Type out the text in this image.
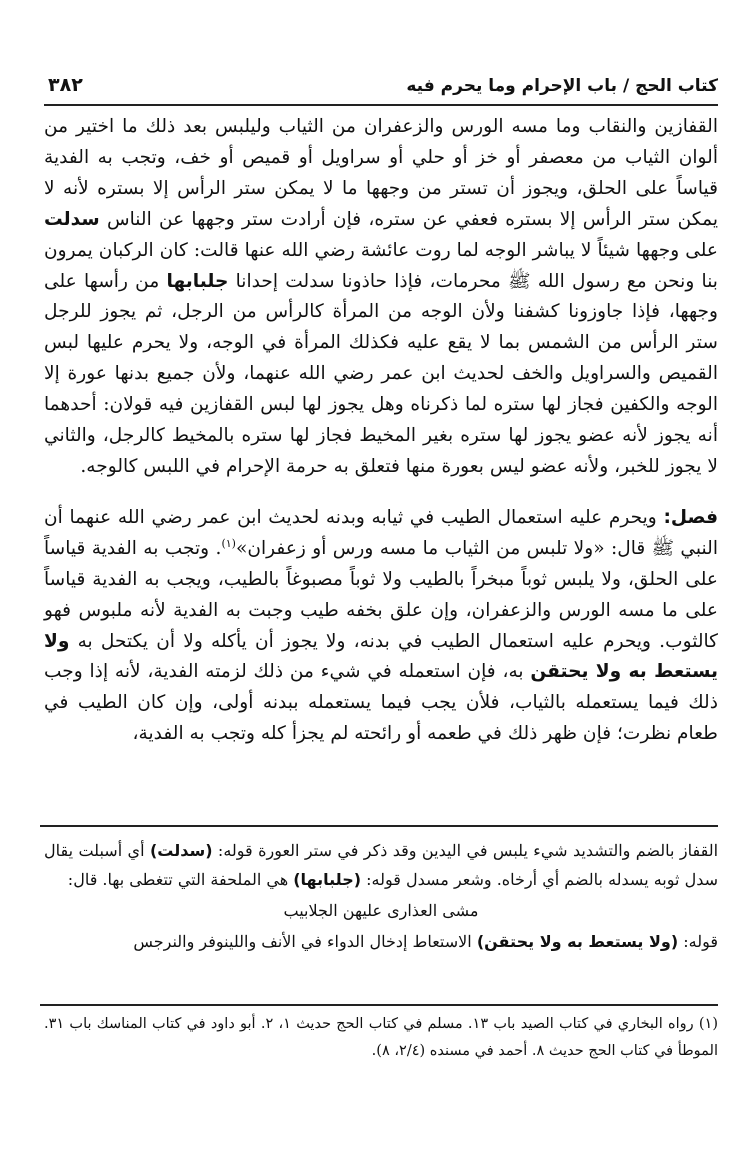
كتاب الحج / باب الإحرام وما يحرم فيه
٣٨٢

القفازين والنقاب وما مسه الورس والزعفران من الثياب وليلبس بعد ذلك ما اختير من ألوان الثياب من معصفر أو خز أو حلي أو سراويل أو قميص أو خف، وتجب به الفدية قياساً على الحلق، ويجوز أن تستر من وجهها ما لا يمكن ستر الرأس إلا بستره لأنه لا يمكن ستر الرأس إلا بستره فعفي عن ستره، فإن أرادت ستر وجهها عن الناس سدلت على وجهها شيئاً لا يباشر الوجه لما روت عائشة رضي الله عنها قالت: كان الركبان يمرون بنا ونحن مع رسول الله ﷺ محرمات، فإذا حاذونا سدلت إحدانا جلبابها من رأسها على وجهها، فإذا جاوزونا كشفنا ولأن الوجه من المرأة كالرأس من الرجل، ثم يجوز للرجل ستر الرأس من الشمس بما لا يقع عليه فكذلك المرأة في الوجه، ولا يحرم عليها لبس القميص والسراويل والخف لحديث ابن عمر رضي الله عنهما، ولأن جميع بدنها عورة إلا الوجه والكفين فجاز لها ستره لما ذكرناه وهل يجوز لها لبس القفازين فيه قولان: أحدهما أنه يجوز لأنه عضو يجوز لها ستره بغير المخيط فجاز لها ستره بالمخيط كالرجل، والثاني لا يجوز للخبر، ولأنه عضو ليس بعورة منها فتعلق به حرمة الإحرام في اللبس كالوجه.

فصل: ويحرم عليه استعمال الطيب في ثيابه وبدنه لحديث ابن عمر رضي الله عنهما أن النبي ﷺ قال: «ولا تلبس من الثياب ما مسه ورس أو زعفران»$^{(١)}$. وتجب به الفدية قياساً على الحلق، ولا يلبس ثوباً مبخراً بالطيب ولا ثوباً مصبوغاً بالطيب، ويجب به الفدية قياساً على ما مسه الورس والزعفران، وإن علق بخفه طيب وجبت به الفدية لأنه ملبوس فهو كالثوب. ويحرم عليه استعمال الطيب في بدنه، ولا يجوز أن يأكله ولا أن يكتحل به ولا يستعط به ولا يحتقن به، فإن استعمله في شيء من ذلك لزمته الفدية، لأنه إذا وجب ذلك فيما يستعمله بالثياب، فلأن يجب فيما يستعمله ببدنه أولى، وإن كان الطيب في طعام نظرت؛ فإن ظهر ذلك في طعمه أو رائحته لم يجزأ كله وتجب به الفدية،

القفاز بالضم والتشديد شيء يلبس في اليدين وقد ذكر في ستر العورة قوله: (سدلت) أي أسبلت يقال سدل ثوبه يسدله بالضم أي أرخاه. وشعر مسدل قوله: (جلبابها) هي الملحفة التي تتغطى بها. قال:

مشى العذارى عليهن الجلابيب

قوله: (ولا يستعط به ولا يحتقن) الاستعاط إدخال الدواء في الأنف واللينوفر والنرجس

(١) رواه البخاري في كتاب الصيد باب ١٣. مسلم في كتاب الحج حديث ١، ٢. أبو داود في كتاب المناسك باب ٣١. الموطأ في كتاب الحج حديث ٨. أحمد في مسنده (٢/٤، ٨).
